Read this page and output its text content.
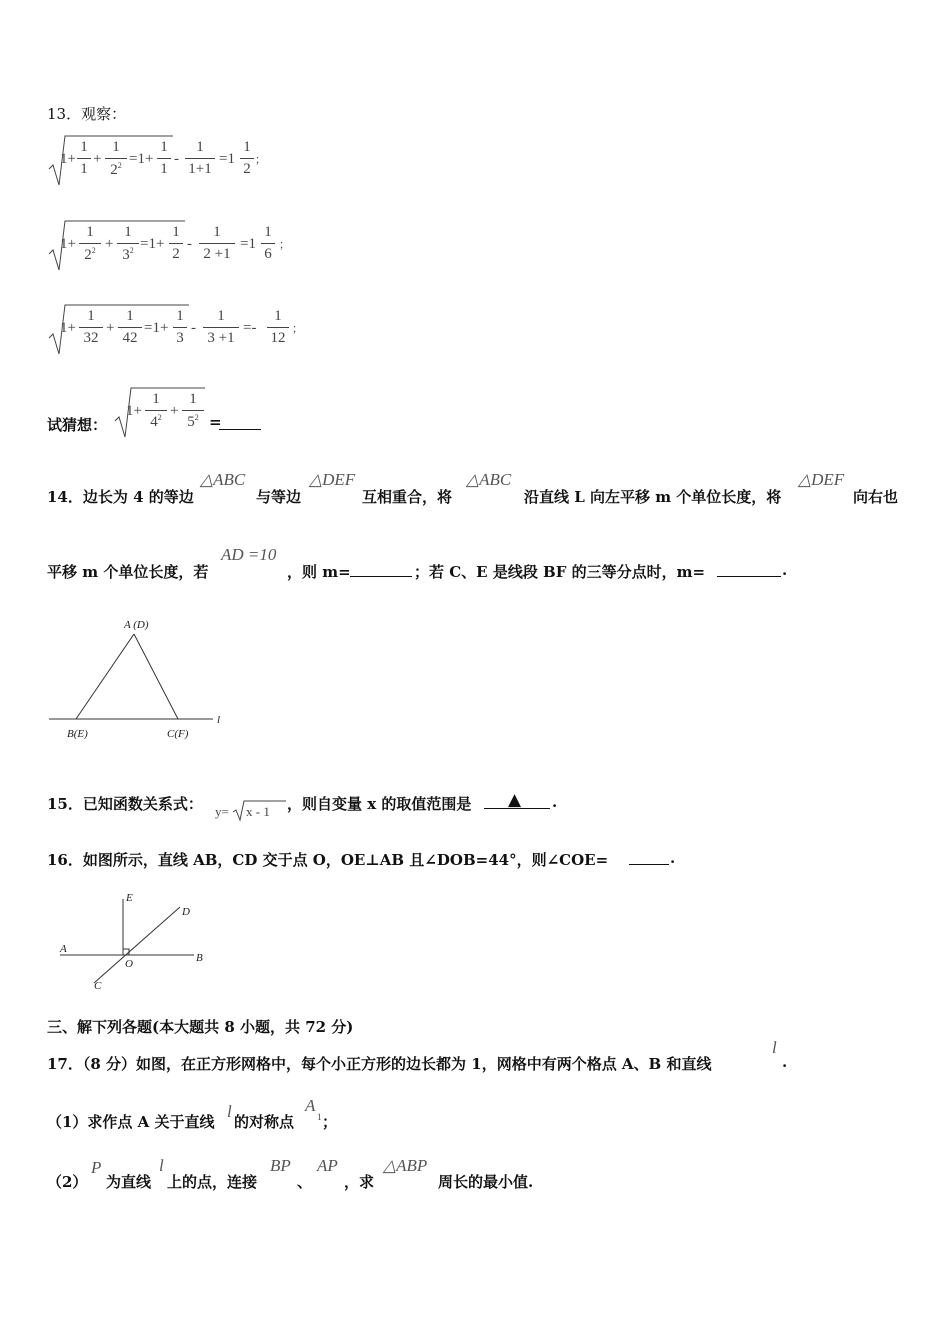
13．观察：
1+
1
1
+
1
$2^2 =1+$
1
1
-
1
1+1
=1
1
2
；
1+
1
$2^2$ +
1
$3^2 =1+$
1
2
-
1
2 +1
=1
1
6
；
1+
1
32
+
1
42
=1+
1
3
-
1
3 +1
=-
1
12
；
试猜想：
1+
1
$4^2$ +
1
$5^2$ =
14．边长为 4 的等边
△ABC
与等边
△DEF
互相重合，将
△ABC
沿直线 L 向左平移 m 个单位长度，将
△DEF
向右也
平移 m 个单位长度，若
AD =10
，则 m=	；若 C、E 是线段 BF 的三等分点时，m=	.
A (D)
B(E)	C(F)
l
15．已知函数关系式： y= x - 1 ，则自变量 x 的取值范围是 ▲ .
16．如图所示，直线 AB，CD 交于点 O，OE⊥AB 且∠DOB=44°，则∠COE=	.
E
D
A
O	B
C
三、解下列各题(本大题共 8 小题，共 72 分)
17．（8 分）如图，在正方形网格中，每个小正方形的边长都为 1，网格中有两个格点 A、B 和直线
l
.
（1）求作点 A 关于直线
l
的对称点
A
1 ；
（2）
P
为直线
l
上的点，连接
BP
、
AP
，求
△ABP
周长的最小值.
